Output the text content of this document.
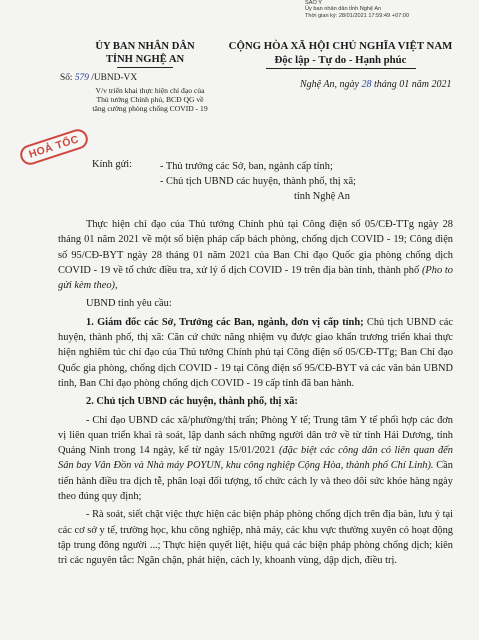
SAO Y
Ủy ban nhân dân tỉnh Nghệ An
Thời gian ký: 28/01/2021 17:59:49 +07:00
ỦY BAN NHÂN DÂN
TỈNH NGHỆ AN
CỘNG HÒA XÃ HỘI CHỦ NGHĨA VIỆT NAM
Độc lập - Tự do - Hạnh phúc
Số: 579 /UBND-VX
V/v triển khai thực hiện chỉ đạo của
Thủ tướng Chính phủ, BCĐ QG về
tăng cường phòng chống COVID - 19
Nghệ An, ngày 28 tháng 01 năm 2021
HOẢ TỐC
Kính gửi:	- Thủ trưởng các Sở, ban, ngành cấp tỉnh;
- Chủ tịch UBND các huyện, thành phố, thị xã;
tỉnh Nghệ An

Thực hiện chỉ đạo của Thủ tướng Chính phủ tại Công điện số 05/CĐ-TTg ngày 28 tháng 01 năm 2021 về một số biện pháp cấp bách phòng, chống dịch COVID - 19; Công điện số 95/CĐ-BYT ngày 28 tháng 01 năm 2021 của Ban Chỉ đạo Quốc gia phòng chống dịch COVID - 19 về tổ chức điều tra, xử lý ổ dịch COVID - 19 trên địa bàn tỉnh, thành phố (Pho to gửi kèm theo),

UBND tỉnh yêu cầu:

1. Giám đốc các Sở, Trưởng các Ban, ngành, đơn vị cấp tỉnh; Chủ tịch UBND các huyện, thành phố, thị xã: Căn cứ chức năng nhiệm vụ được giao khẩn trương triển khai thực hiện nghiêm túc chỉ đạo của Thủ tướng Chính phủ tại Công điện số 05/CĐ-TTg; Ban Chỉ đạo Quốc gia phòng, chống dịch COVID - 19 tại Công điện số 95/CĐ-BYT và các văn bản UBND tỉnh, Ban Chỉ đạo phòng chống dịch COVID - 19 cấp tỉnh đã ban hành.

2. Chủ tịch UBND các huyện, thành phố, thị xã:

- Chỉ đạo UBND các xã/phường/thị trấn; Phòng Y tế; Trung tâm Y tế phối hợp các đơn vị liên quan triển khai rà soát, lập danh sách những người dân trở về từ tỉnh Hải Dương, tỉnh Quảng Ninh trong 14 ngày, kể từ ngày 15/01/2021 (đặc biệt các công dân có liên quan đến Sân bay Vân Đồn và Nhà máy POYUN, khu công nghiệp Cộng Hòa, thành phố Chí Linh). Cần tiến hành điều tra dịch tễ, phân loại đối tượng, tổ chức cách ly và theo dõi sức khỏe hàng ngày theo đúng quy định;

- Rà soát, siết chặt việc thực hiện các biện pháp phòng chống dịch trên địa bàn, lưu ý tại các cơ sở y tế, trường học, khu công nghiệp, nhà máy, các khu vực thường xuyên có hoạt động tập trung đông người ...; Thực hiện quyết liệt, hiệu quả các biện pháp phòng chống dịch; kiên trì các nguyên tắc: Ngăn chặn, phát hiện, cách ly, khoanh vùng, dập dịch, điều trị.
